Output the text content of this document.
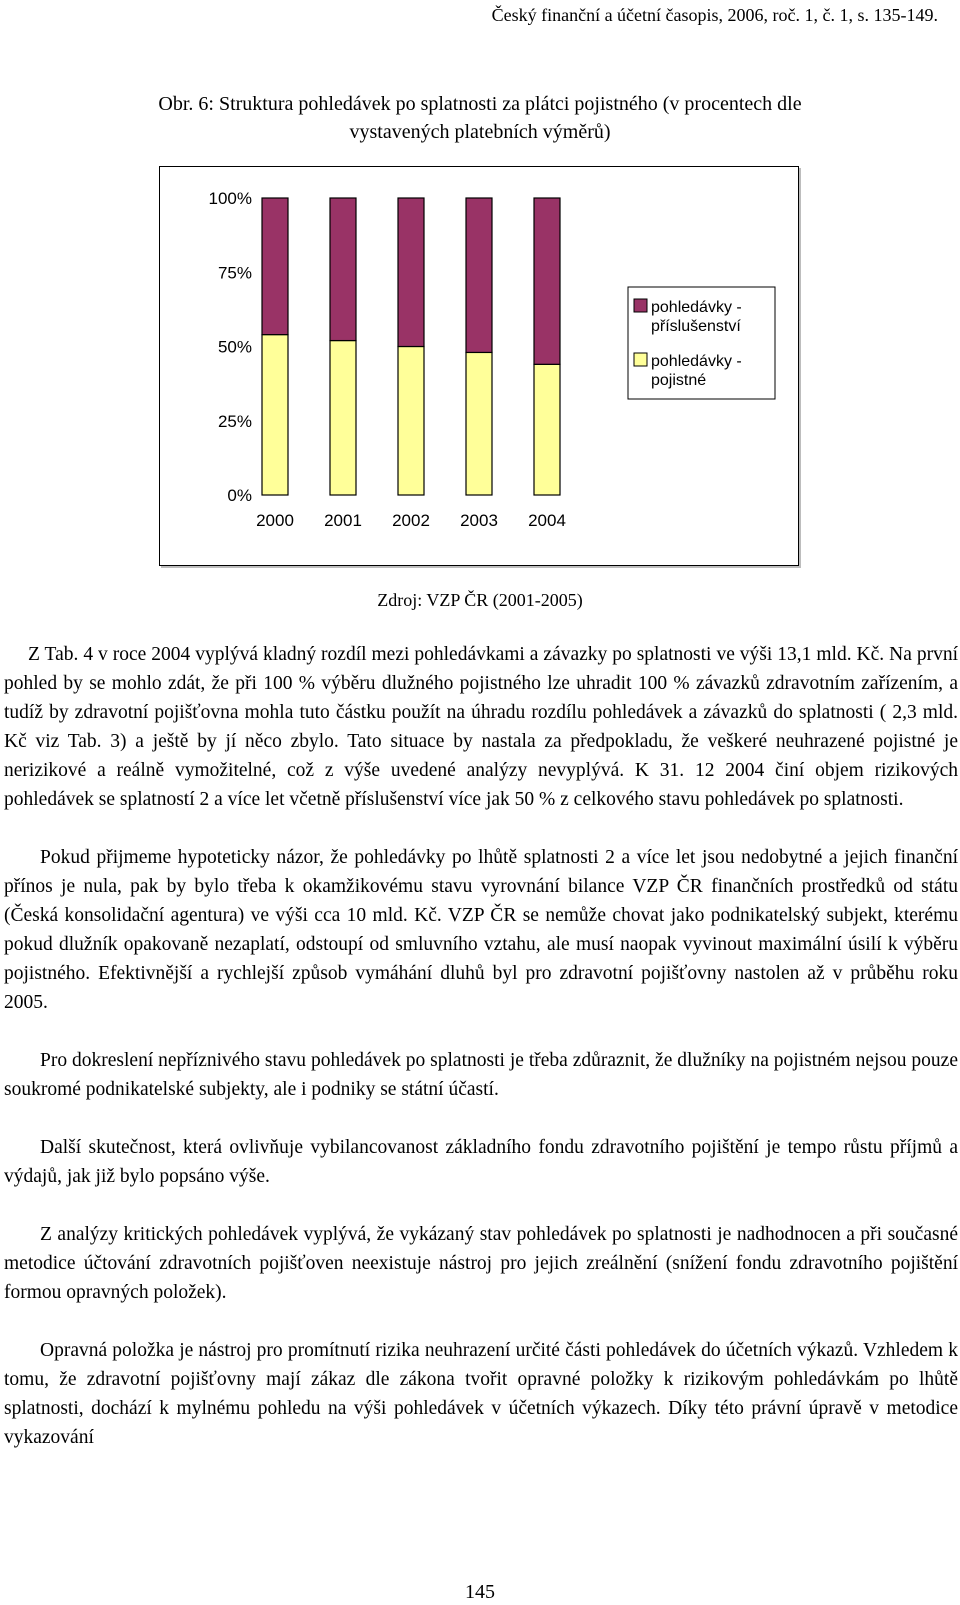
Český finanční a účetní časopis, 2006, roč. 1, č. 1, s. 135-149.
Obr. 6: Struktura pohledávek po splatnosti za plátci pojistného (v procentech dle
vystavených platebních výměrů)
0%
25%
50%
75%
100%
2000 2001 2002 2003 2004
pohledávky -
příslušenství
pohledávky -
pojistné
Zdroj: VZP ČR (2001-2005)

Z Tab. 4 v roce 2004 vyplývá kladný rozdíl mezi pohledávkami a závazky po splatnosti ve výši 13,1 mld. Kč. Na první pohled by se mohlo zdát, že při 100 % výběru dlužného pojistného lze uhradit 100 % závazků zdravotním zařízením, a tudíž by zdravotní pojišťovna mohla tuto částku použít na úhradu rozdílu pohledávek a závazků do splatnosti ( 2,3 mld. Kč viz Tab. 3) a ještě by jí něco zbylo. Tato situace by nastala za předpokladu, že veškeré neuhrazené pojistné je nerizikové a reálně vymožitelné, což z výše uvedené analýzy nevyplývá. K 31. 12 2004 činí objem rizikových pohledávek se splatností 2 a více let včetně příslušenství více jak 50 % z celkového stavu pohledávek po splatnosti.

Pokud přijmeme hypoteticky názor, že pohledávky po lhůtě splatnosti 2 a více let jsou nedobytné a jejich finanční přínos je nula, pak by bylo třeba k okamžikovému stavu vyrovnání bilance VZP ČR finančních prostředků od státu (Česká konsolidační agentura) ve výši cca 10 mld. Kč. VZP ČR se nemůže chovat jako podnikatelský subjekt, kterému pokud dlužník opakovaně nezaplatí, odstoupí od smluvního vztahu, ale musí naopak vyvinout maximální úsilí k výběru pojistného. Efektivnější a rychlejší způsob vymáhání dluhů byl pro zdravotní pojišťovny nastolen až v průběhu roku 2005.

Pro dokreslení nepříznivého stavu pohledávek po splatnosti je třeba zdůraznit, že dlužníky na pojistném nejsou pouze soukromé podnikatelské subjekty, ale i podniky se státní účastí.

Další skutečnost, která ovlivňuje vybilancovanost základního fondu zdravotního pojištění je tempo růstu příjmů a výdajů, jak již bylo popsáno výše.

Z analýzy kritických pohledávek vyplývá, že vykázaný stav pohledávek po splatnosti je nadhodnocen a při současné metodice účtování zdravotních pojišťoven neexistuje nástroj pro jejich zreálnění (snížení fondu zdravotního pojištění formou opravných položek).

Opravná položka je nástroj pro promítnutí rizika neuhrazení určité části pohledávek do účetních výkazů. Vzhledem k tomu, že zdravotní pojišťovny mají zákaz dle zákona tvořit opravné položky k rizikovým pohledávkám po lhůtě splatnosti, dochází k mylnému pohledu na výši pohledávek v účetních výkazech. Díky této právní úpravě v metodice vykazování

145
